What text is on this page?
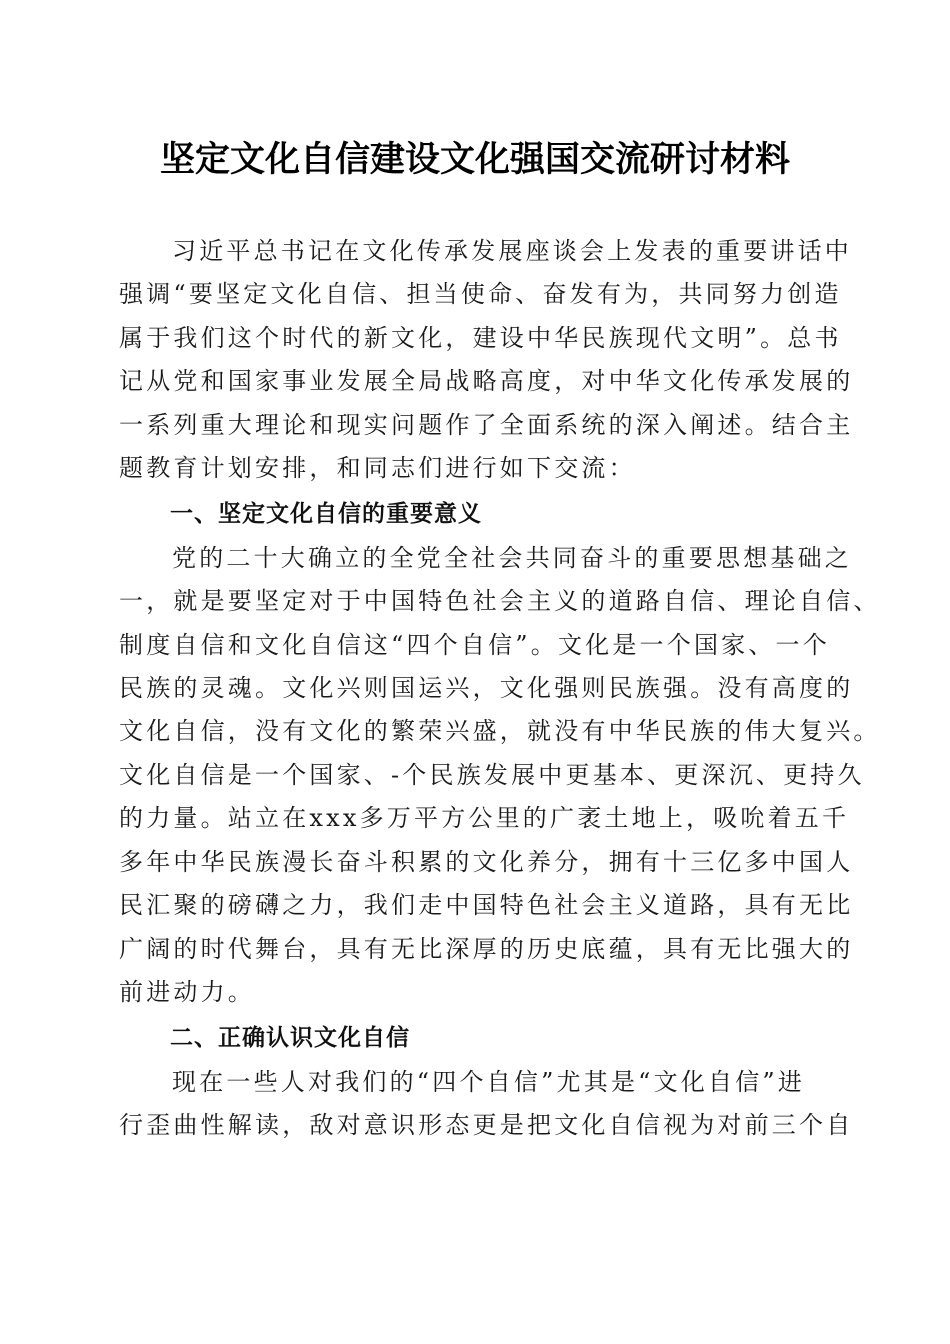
坚定文化自信建设文化强国交流研讨材料

习近平总书记在文化传承发展座谈会上发表的重要讲话中
强调“要坚定文化自信、担当使命、奋发有为，共同努力创造
属于我们这个时代的新文化，建设中华民族现代文明”。总书
记从党和国家事业发展全局战略高度，对中华文化传承发展的
一系列重大理论和现实问题作了全面系统的深入阐述。结合主
题教育计划安排，和同志们进行如下交流：

一、坚定文化自信的重要意义

党的二十大确立的全党全社会共同奋斗的重要思想基础之
一，就是要坚定对于中国特色社会主义的道路自信、理论自信、
制度自信和文化自信这“四个自信”。文化是一个国家、一个
民族的灵魂。文化兴则国运兴，文化强则民族强。没有高度的
文化自信，没有文化的繁荣兴盛，就没有中华民族的伟大复兴。
文化自信是一个国家、-个民族发展中更基本、更深沉、更持久
的力量。站立在xxx多万平方公里的广袤土地上，吸吮着五千
多年中华民族漫长奋斗积累的文化养分，拥有十三亿多中国人
民汇聚的磅礴之力，我们走中国特色社会主义道路，具有无比
广阔的时代舞台，具有无比深厚的历史底蕴，具有无比强大的
前进动力。

二、正确认识文化自信

现在一些人对我们的“四个自信”尤其是“文化自信”进
行歪曲性解读，敌对意识形态更是把文化自信视为对前三个自
